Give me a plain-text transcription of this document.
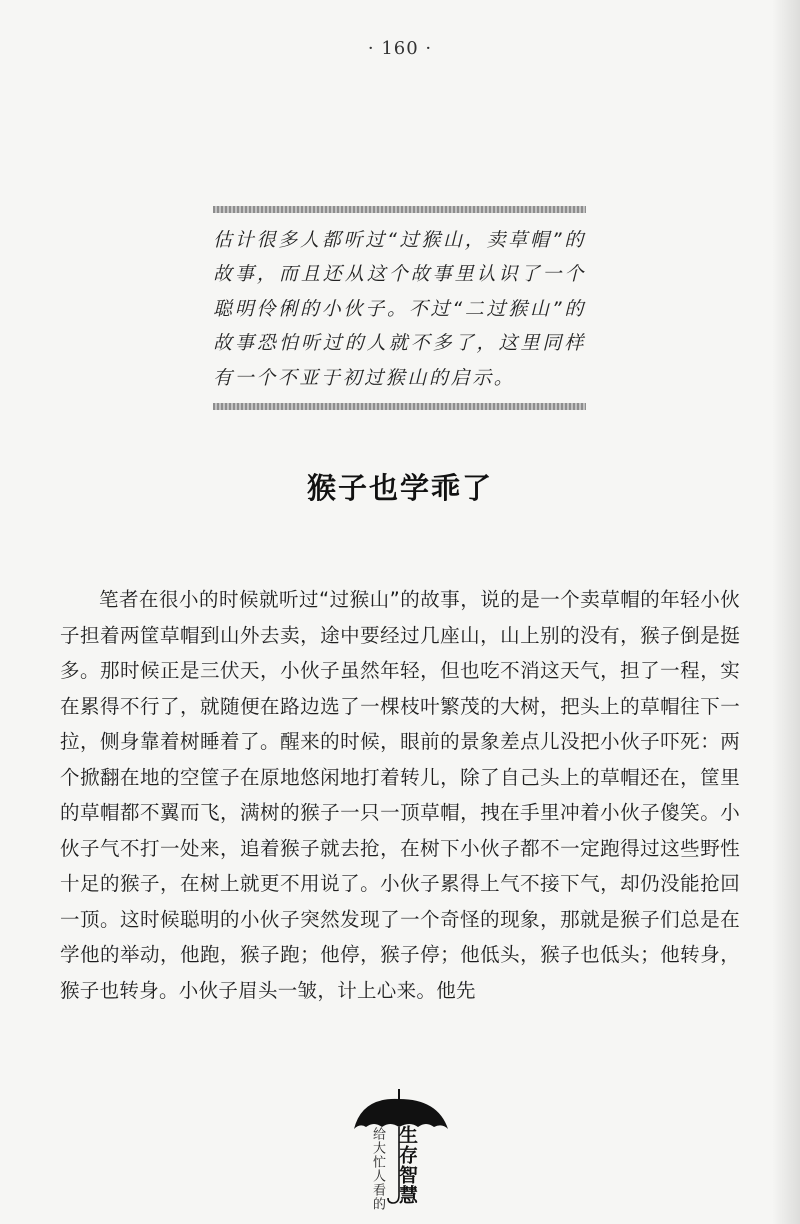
· 160 ·
估计很多人都听过“过猴山，卖草帽”的故事，而且还从这个故事里认识了一个聪明伶俐的小伙子。不过“二过猴山”的故事恐怕听过的人就不多了，这里同样有一个不亚于初过猴山的启示。
猴子也学乖了

笔者在很小的时候就听过“过猴山”的故事，说的是一个卖草帽的年轻小伙子担着两筐草帽到山外去卖，途中要经过几座山，山上别的没有，猴子倒是挺多。那时候正是三伏天，小伙子虽然年轻，但也吃不消这天气，担了一程，实在累得不行了，就随便在路边选了一棵枝叶繁茂的大树，把头上的草帽往下一拉，侧身靠着树睡着了。醒来的时候，眼前的景象差点儿没把小伙子吓死：两个掀翻在地的空筐子在原地悠闲地打着转儿，除了自己头上的草帽还在，筐里的草帽都不翼而飞，满树的猴子一只一顶草帽，拽在手里冲着小伙子傻笑。小伙子气不打一处来，追着猴子就去抢，在树下小伙子都不一定跑得过这些野性十足的猴子，在树上就更不用说了。小伙子累得上气不接下气，却仍没能抢回一顶。这时候聪明的小伙子突然发现了一个奇怪的现象，那就是猴子们总是在学他的举动，他跑，猴子跑；他停，猴子停；他低头，猴子也低头；他转身，猴子也转身。小伙子眉头一皱，计上心来。他先

给大忙人看的 生存智慧
